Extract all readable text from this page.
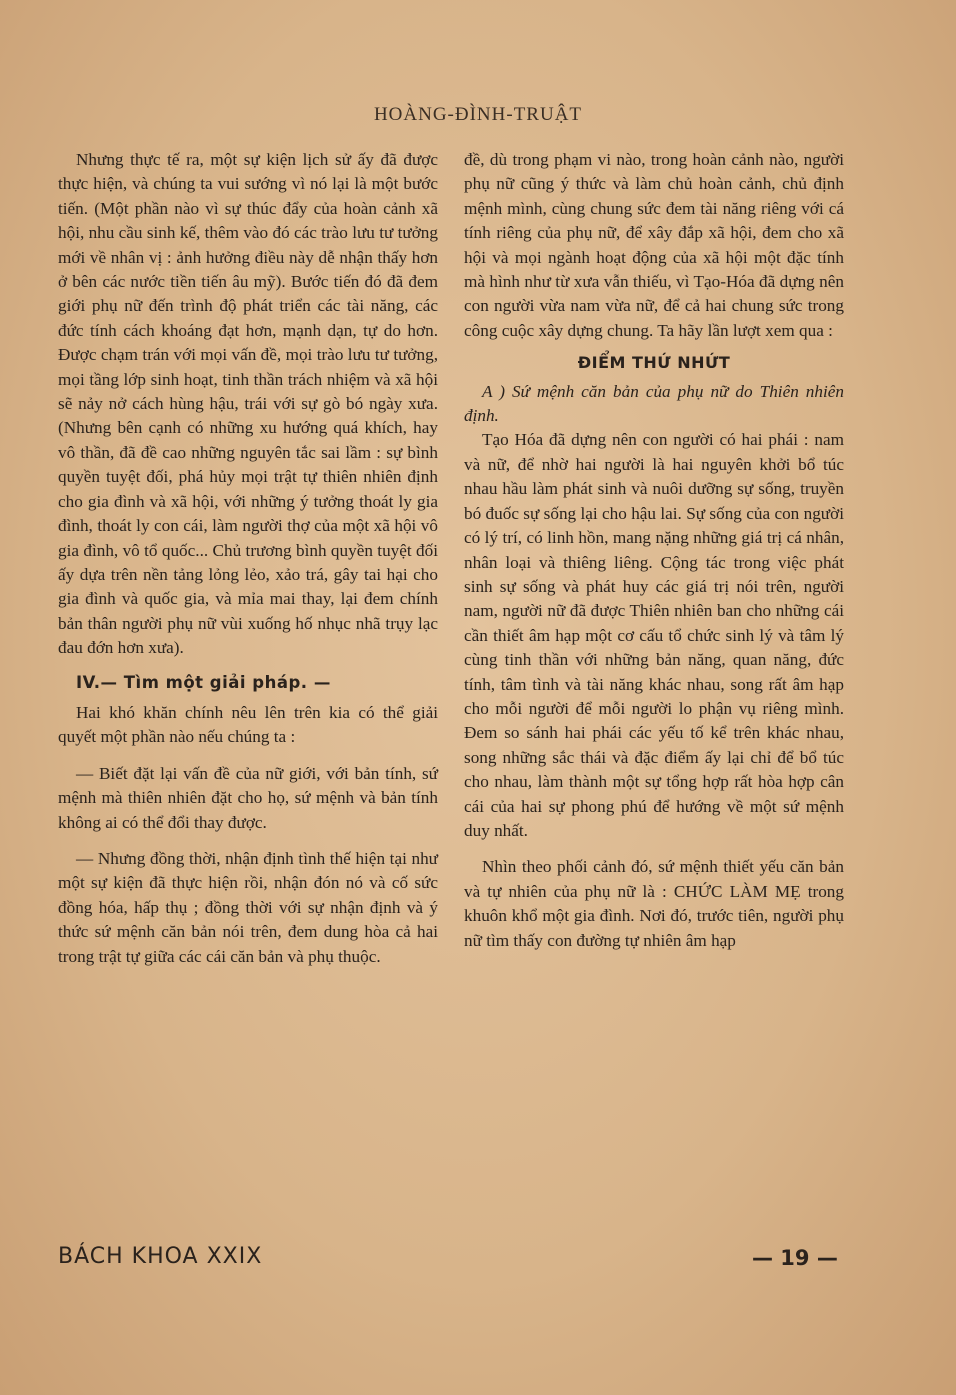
HOÀNG-ĐÌNH-TRUẬT

Nhưng thực tế ra, một sự kiện lịch sử ấy đã được thực hiện, và chúng ta vui sướng vì nó lại là một bước tiến. (Một phần nào vì sự thúc đẩy của hoàn cảnh xã hội, nhu cầu sinh kế, thêm vào đó các trào lưu tư tưởng mới về nhân vị : ảnh hưởng điều này dễ nhận thấy hơn ở bên các nước tiền tiến âu mỹ). Bước tiến đó đã đem giới phụ nữ đến trình độ phát triển các tài năng, các đức tính cách khoáng đạt hơn, mạnh dạn, tự do hơn. Được chạm trán với mọi vấn đề, mọi trào lưu tư tưởng, mọi tầng lớp sinh hoạt, tinh thần trách nhiệm và xã hội sẽ nảy nở cách hùng hậu, trái với sự gò bó ngày xưa. (Nhưng bên cạnh có những xu hướng quá khích, hay vô thần, đã đề cao những nguyên tắc sai lầm : sự bình quyền tuyệt đối, phá hủy mọi trật tự thiên nhiên định cho gia đình và xã hội, với những ý tưởng thoát ly gia đình, thoát ly con cái, làm người thợ của một xã hội vô gia đình, vô tổ quốc... Chủ trương bình quyền tuyệt đối ấy dựa trên nền tảng lỏng lẻo, xảo trá, gây tai hại cho gia đình và quốc gia, và mỉa mai thay, lại đem chính bản thân người phụ nữ vùi xuống hố nhục nhã trụy lạc đau đớn hơn xưa).

IV.— Tìm một giải pháp. —

Hai khó khăn chính nêu lên trên kia có thể giải quyết một phần nào nếu chúng ta :

— Biết đặt lại vấn đề của nữ giới, với bản tính, sứ mệnh mà thiên nhiên đặt cho họ, sứ mệnh và bản tính không ai có thể đổi thay được.

— Nhưng đồng thời, nhận định tình thế hiện tại như một sự kiện đã thực hiện rồi, nhận đón nó và cố sức đồng hóa, hấp thụ ; đồng thời với sự nhận định và ý thức sứ mệnh căn bản nói trên, đem dung hòa cả hai trong trật tự giữa các cái căn bản và phụ thuộc.

đề, dù trong phạm vi nào, trong hoàn cảnh nào, người phụ nữ cũng ý thức và làm chủ hoàn cảnh, chủ định mệnh mình, cùng chung sức đem tài năng riêng với cá tính riêng của phụ nữ, để xây đắp xã hội, đem cho xã hội và mọi ngành hoạt động của xã hội một đặc tính mà hình như từ xưa vẫn thiếu, vì Tạo-Hóa đã dựng nên con người vừa nam vừa nữ, để cả hai chung sức trong công cuộc xây dựng chung. Ta hãy lần lượt xem qua :

ĐIỂM THỨ NHỨT

A ) Sứ mệnh căn bản của phụ nữ do Thiên nhiên định.

Tạo Hóa đã dựng nên con người có hai phái : nam và nữ, để nhờ hai người là hai nguyên khởi bổ túc nhau hầu làm phát sinh và nuôi dưỡng sự sống, truyền bó đuốc sự sống lại cho hậu lai. Sự sống của con người có lý trí, có linh hồn, mang nặng những giá trị cá nhân, nhân loại và thiêng liêng. Cộng tác trong việc phát sinh sự sống và phát huy các giá trị nói trên, người nam, người nữ đã được Thiên nhiên ban cho những cái cần thiết âm hạp một cơ cấu tổ chức sinh lý và tâm lý cùng tinh thần với những bản năng, quan năng, đức tính, tâm tình và tài năng khác nhau, song rất âm hạp cho mỗi người để mỗi người lo phận vụ riêng mình. Đem so sánh hai phái các yếu tố kể trên khác nhau, song những sắc thái và đặc điểm ấy lại chỉ để bổ túc cho nhau, làm thành một sự tổng hợp rất hòa hợp cân cái của hai sự phong phú để hướng về một sứ mệnh duy nhất.

Nhìn theo phối cảnh đó, sứ mệnh thiết yếu căn bản và tự nhiên của phụ nữ là : CHỨC LÀM MẸ trong khuôn khổ một gia đình. Nơi đó, trước tiên, người phụ nữ tìm thấy con đường tự nhiên âm hạp

BÁCH KHOA XXIX	— 19 —
